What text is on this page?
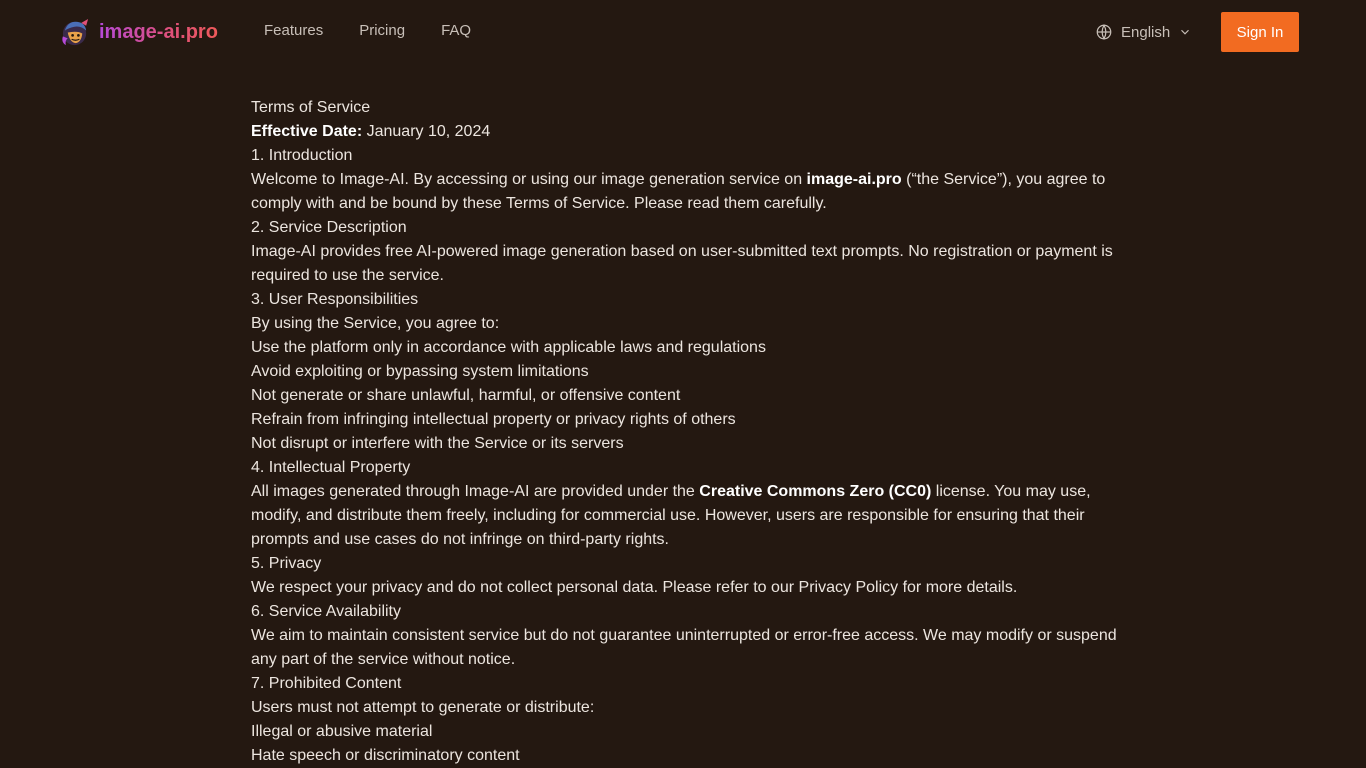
image-ai.pro	Features Pricing FAQ	English	Sign In
Terms of Service

Effective Date: January 10, 2024

1. Introduction

Welcome to Image-AI. By accessing or using our image generation service on image-ai.pro (“the Service”), you agree to comply with and be bound by these Terms of Service. Please read them carefully.

2. Service Description

Image-AI provides free AI-powered image generation based on user-submitted text prompts. No registration or payment is required to use the service.

3. User Responsibilities

By using the Service, you agree to:

Use the platform only in accordance with applicable laws and regulations
Avoid exploiting or bypassing system limitations
Not generate or share unlawful, harmful, or offensive content
Refrain from infringing intellectual property or privacy rights of others
Not disrupt or interfere with the Service or its servers
4. Intellectual Property

All images generated through Image-AI are provided under the Creative Commons Zero (CC0) license. You may use, modify, and distribute them freely, including for commercial use. However, users are responsible for ensuring that their prompts and use cases do not infringe on third-party rights.

5. Privacy

We respect your privacy and do not collect personal data. Please refer to our Privacy Policy for more details.

6. Service Availability

We aim to maintain consistent service but do not guarantee uninterrupted or error-free access. We may modify or suspend any part of the service without notice.

7. Prohibited Content

Users must not attempt to generate or distribute:

Illegal or abusive material
Hate speech or discriminatory content
